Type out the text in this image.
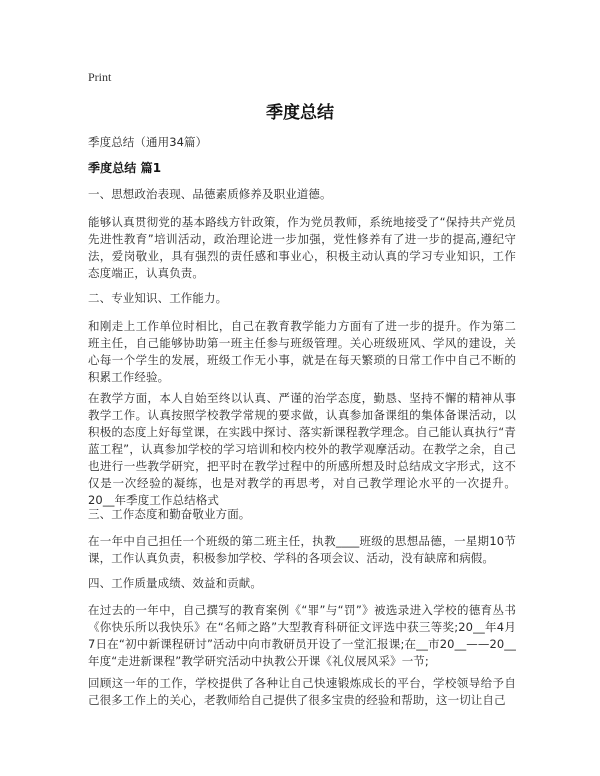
Print
季度总结

季度总结（通用34篇）

季度总结 篇1

一、思想政治表现、品德素质修养及职业道德。

能够认真贯彻党的基本路线方针政策，作为党员教师，系统地接受了“保持共产党员先进性教育”培训活动，政治理论进一步加强，党性修养有了进一步的提高,遵纪守法，爱岗敬业，具有强烈的责任感和事业心，积极主动认真的学习专业知识，工作态度端正，认真负责。

二、专业知识、工作能力。

和刚走上工作单位时相比，自己在教育教学能力方面有了进一步的提升。作为第二班主任，自己能够协助第一班主任参与班级管理。关心班级班风、学风的建设，关心每一个学生的发展，班级工作无小事，就是在每天繁琐的日常工作中自己不断的积累工作经验。

在教学方面，本人自始至终以认真、严谨的治学态度，勤恳、坚持不懈的精神从事教学工作。认真按照学校教学常规的要求做，认真参加备课组的集体备课活动，以积极的态度上好每堂课，在实践中探讨、落实新课程教学理念。自己能认真执行“青蓝工程”，认真参加学校的学习培训和校内校外的教学观摩活动。在教学之余，自己也进行一些教学研究，把平时在教学过程中的所感所想及时总结成文字形式，这不仅是一次经验的凝练，也是对教学的再思考，对自己教学理论水平的一次提升。20__年季度工作总结格式

三、工作态度和勤奋敬业方面。

在一年中自己担任一个班级的第二班主任，执教____班级的思想品德，一星期10节课，工作认真负责，积极参加学校、学科的各项会议、活动，没有缺席和病假。

四、工作质量成绩、效益和贡献。

在过去的一年中，自己撰写的教育案例《“罪”与“罚”》被选录进入学校的德育丛书《你快乐所以我快乐》在“名师之路”大型教育科研征文评选中获三等奖;20__年4月7日在“初中新课程研讨”活动中向市教研员开设了一堂汇报课;在__市20__——20__年度“走进新课程”教学研究活动中执教公开课《礼仪展风采》一节;

回顾这一年的工作，学校提供了各种让自己快速锻炼成长的平台，学校领导给予自己很多工作上的关心，老教师给自己提供了很多宝贵的经验和帮助，这一切让自己
